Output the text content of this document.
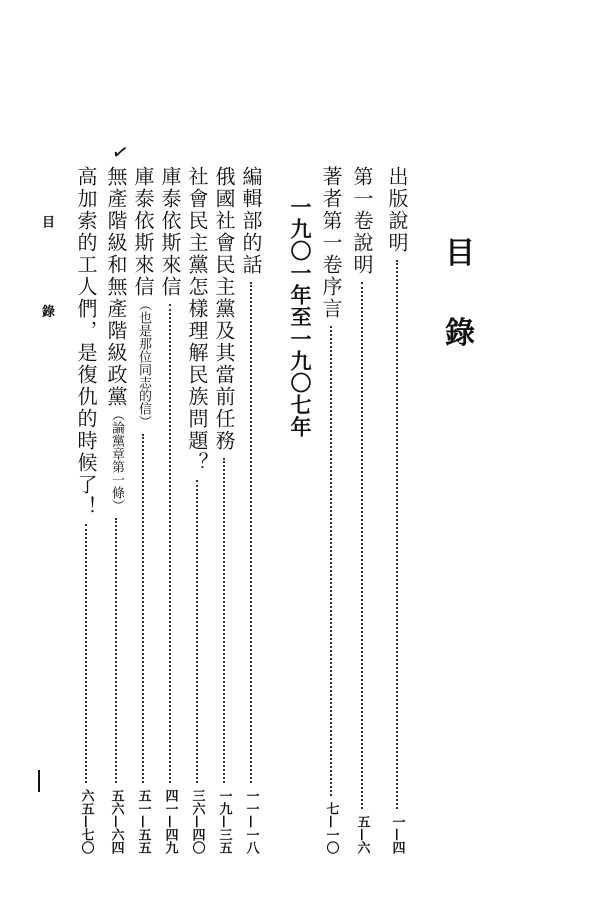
目
錄
出版說明
一—四
第一卷說明
五—六
著者第一卷序言
七—一〇
一九〇一年至一九〇七年
編輯部的話
一一—一八
俄國社會民主黨及其當前任務
一九—三五
社會民主黨怎樣理解民族問題？
三六—四〇
庫泰依斯來信
四一—四九
庫泰依斯來信（也是那位同志的信）
五一—五五
無產階級和無產階級政黨（論黨章第一條）
五六—六四
高加索的工人們，是復仇的時候了！
六五—七〇
✓
目 錄
